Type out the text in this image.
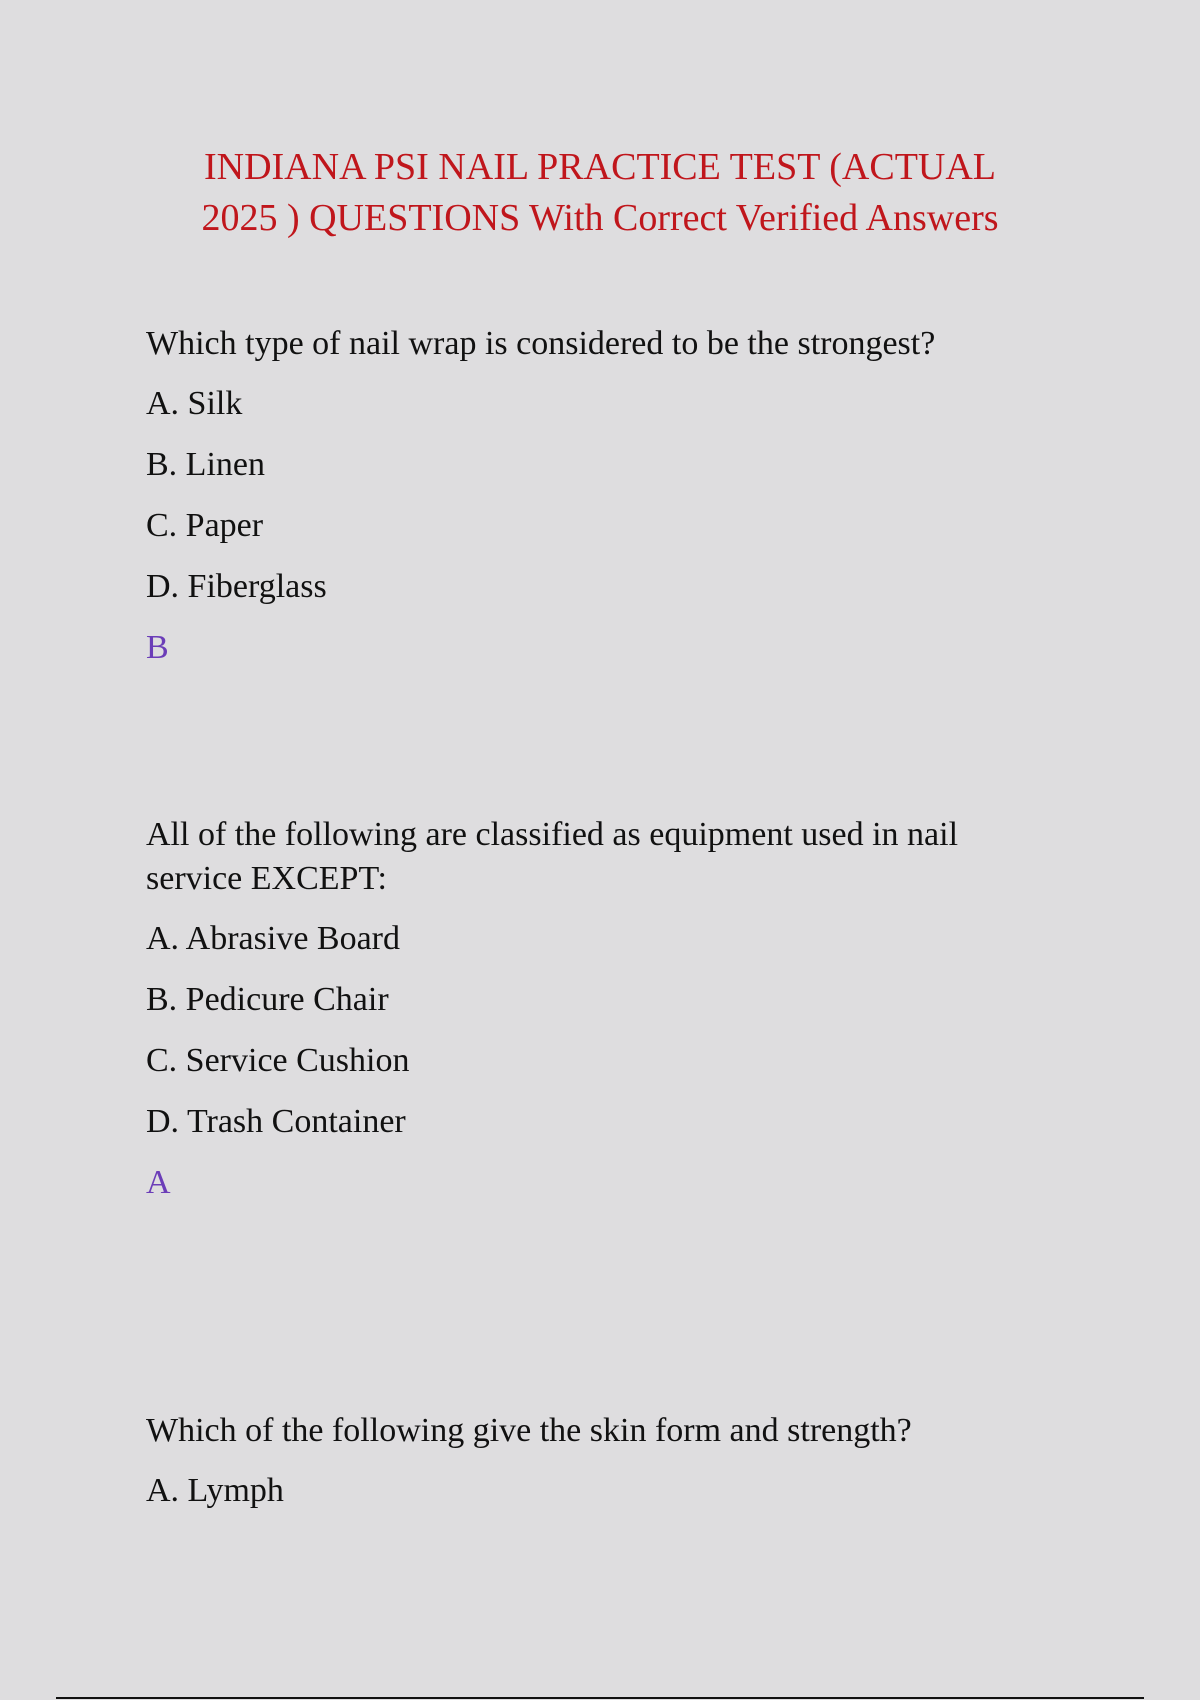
INDIANA PSI NAIL PRACTICE TEST (ACTUAL
2025 ) QUESTIONS With Correct Verified Answers

Which type of nail wrap is considered to be the strongest?

A. Silk

B. Linen

C. Paper

D. Fiberglass

B

All of the following are classified as equipment used in nail service EXCEPT:

A. Abrasive Board

B. Pedicure Chair

C. Service Cushion

D. Trash Container

A

Which of the following give the skin form and strength?

A. Lymph
